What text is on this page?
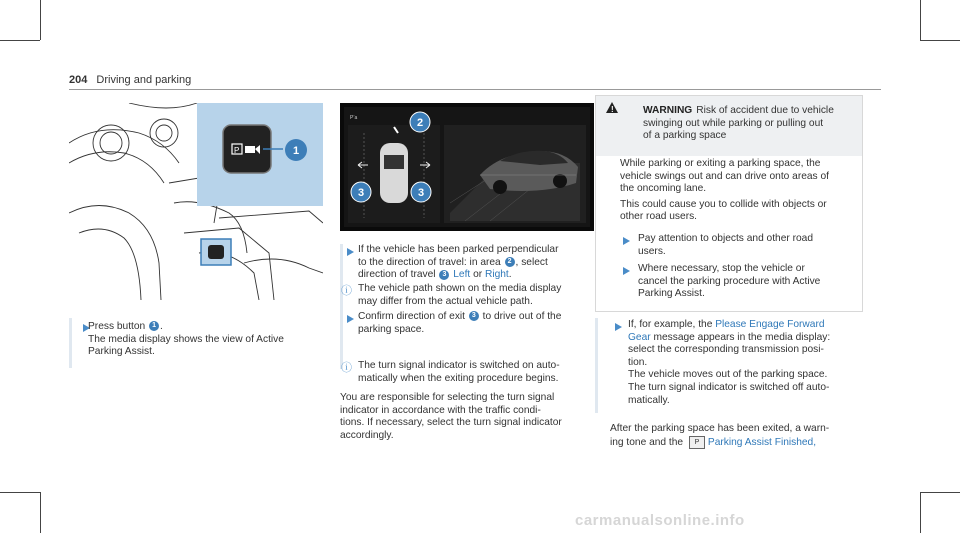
204 Driving and parking
P	1
P’a	2
3	3
Press button 1 .
The media display shows the view of Active
Parking Assist.
If the vehicle has been parked perpendicular
to the direction of travel: in area 2 , select
direction of travel 3 Left or Right.
ⓘ The vehicle path shown on the media display
may differ from the actual vehicle path.
Confirm direction of exit 3 to drive out of the
parking space.
ⓘ The turn signal indicator is switched on auto-
matically when the exiting procedure begins.
You are responsible for selecting the turn signal
indicator in accordance with the traffic condi-
tions. If necessary, select the turn signal indicator
accordingly.
!	WARNING Risk of accident due to vehicle
swinging out while parking or pulling out
of a parking space
While parking or exiting a parking space, the
vehicle swings out and can drive onto areas of
the oncoming lane.
This could cause you to collide with objects or
other road users.
Pay attention to objects and other road
users.
Where necessary, stop the vehicle or
cancel the parking procedure with Active
Parking Assist.
If, for example, the Please Engage Forward
Gear message appears in the media display:
select the corresponding transmission posi-
tion.
The vehicle moves out of the parking space.
The turn signal indicator is switched off auto-
matically.
After the parking space has been exited, a warn-
ing tone and the P Parking Assist Finished,
carmanualsonline.info
